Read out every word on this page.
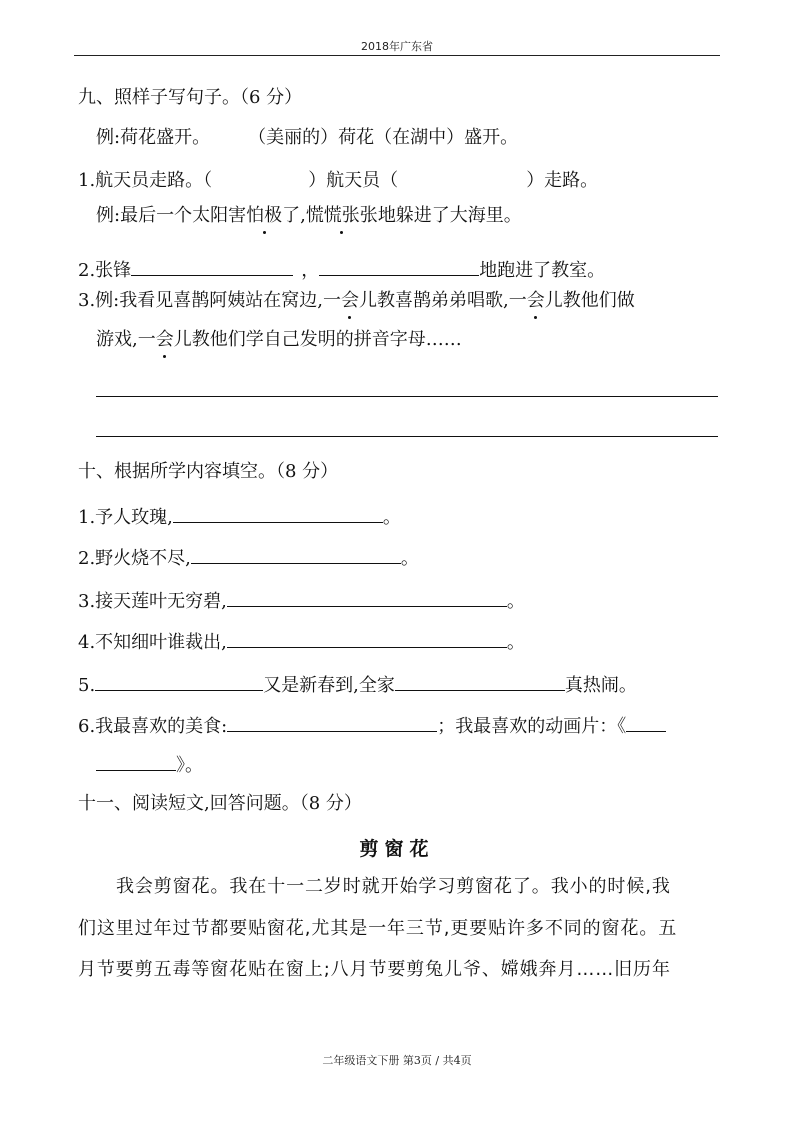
2018年广东省
九、照样子写句子。（6 分）
例:荷花盛开。 （美丽的）荷花（在湖中）盛开。
1.航天员走路。（	）航天员（	）走路。
例:最后一个太阳害怕极了,慌慌张张地躲进了大海里。
2.张锋	，	地跑进了教室。
3.例:我看见喜鹊阿姨站在窝边,一会儿教喜鹊弟弟唱歌,一会儿教他们做
游戏,一会儿教他们学自己发明的拼音字母……
十、根据所学内容填空。（8 分）
1.予人玫瑰,	。
2.野火烧不尽,	。
3.接天莲叶无穷碧,	。
4.不知细叶谁裁出,	。
5.	又是新春到,全家	真热闹。
6.我最喜欢的美食:	；我最喜欢的动画片：《
》。
十一、阅读短文,回答问题。（8 分）
剪窗花
我会剪窗花。我在十一二岁时就开始学习剪窗花了。我小的时候,我
们这里过年过节都要贴窗花,尤其是一年三节,更要贴许多不同的窗花。五
月节要剪五毒等窗花贴在窗上;八月节要剪兔儿爷、嫦娥奔月……旧历年
二年级语文下册 第3页 / 共4页
